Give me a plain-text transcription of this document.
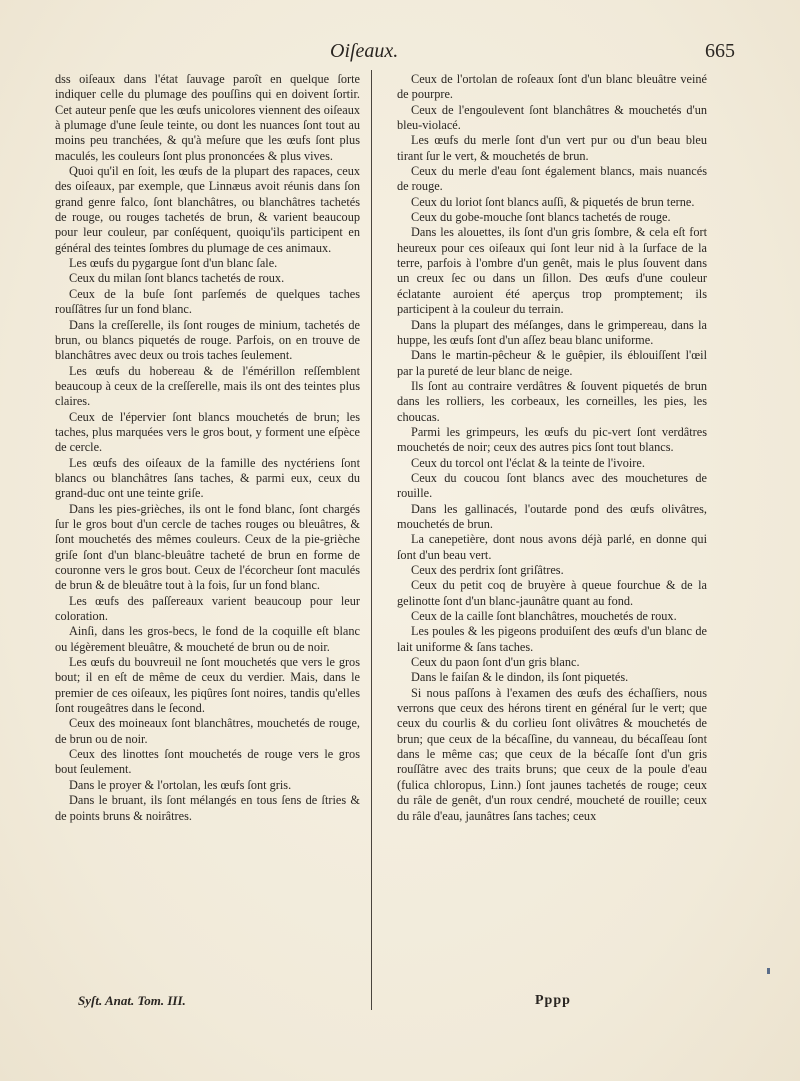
Oiſeaux.	665

dss oiſeaux dans l'état ſauvage paroît en quelque ſorte indiquer celle du plumage des pouſſins qui en doivent ſortir. Cet auteur penſe que les œufs unicolores viennent des oiſeaux à plumage d'une ſeule teinte, ou dont les nuances ſont tout au moins peu tranchées, & qu'à meſure que les œufs ſont plus maculés, les couleurs ſont plus prononcées & plus vives.

Quoi qu'il en ſoit, les œufs de la plupart des rapaces, ceux des oiſeaux, par exemple, que Linnæus avoit réunis dans ſon grand genre falco, ſont blanchâtres, ou blanchâtres tachetés de rouge, ou rouges tachetés de brun, & varient beaucoup pour leur couleur, par conſéquent, quoiqu'ils participent en général des teintes ſombres du plumage de ces animaux.

Les œufs du pygargue ſont d'un blanc ſale.

Ceux du milan ſont blancs tachetés de roux.

Ceux de la buſe ſont parſemés de quelques taches rouſſâtres ſur un fond blanc.

Dans la creſſerelle, ils ſont rouges de minium, tachetés de brun, ou blancs piquetés de rouge. Parfois, on en trouve de blanchâtres avec deux ou trois taches ſeulement.

Les œufs du hobereau & de l'émérillon reſſemblent beaucoup à ceux de la creſſerelle, mais ils ont des teintes plus claires.

Ceux de l'épervier ſont blancs mouchetés de brun; les taches, plus marquées vers le gros bout, y forment une eſpèce de cercle.

Les œufs des oiſeaux de la famille des nyctériens ſont blancs ou blanchâtres ſans taches, & parmi eux, ceux du grand-duc ont une teinte griſe.

Dans les pies-grièches, ils ont le fond blanc, ſont chargés ſur le gros bout d'un cercle de taches rouges ou bleuâtres, & ſont mouchetés des mêmes couleurs. Ceux de la pie-grièche griſe ſont d'un blanc-bleuâtre tacheté de brun en forme de couronne vers le gros bout. Ceux de l'écorcheur ſont maculés de brun & de bleuâtre tout à la fois, ſur un fond blanc.

Les œufs des paſſereaux varient beaucoup pour leur coloration.

Ainſi, dans les gros-becs, le fond de la coquille eſt blanc ou légèrement bleuâtre, & moucheté de brun ou de noir.

Les œufs du bouvreuil ne ſont mouchetés que vers le gros bout; il en eſt de même de ceux du verdier. Mais, dans le premier de ces oiſeaux, les piqûres ſont noires, tandis qu'elles ſont rougeâtres dans le ſecond.

Ceux des moineaux ſont blanchâtres, mouchetés de rouge, de brun ou de noir.

Ceux des linottes ſont mouchetés de rouge vers le gros bout ſeulement.

Dans le proyer & l'ortolan, les œufs ſont gris.

Dans le bruant, ils ſont mélangés en tous ſens de ſtries & de points bruns & noirâtres.

Ceux de l'ortolan de roſeaux ſont d'un blanc bleuâtre veiné de pourpre.

Ceux de l'engoulevent ſont blanchâtres & mouchetés d'un bleu-violacé.

Les œufs du merle ſont d'un vert pur ou d'un beau bleu tirant ſur le vert, & mouchetés de brun.

Ceux du merle d'eau ſont également blancs, mais nuancés de rouge.

Ceux du loriot ſont blancs auſſi, & piquetés de brun terne.

Ceux du gobe-mouche ſont blancs tachetés de rouge.

Dans les alouettes, ils ſont d'un gris ſombre, & cela eſt fort heureux pour ces oiſeaux qui ſont leur nid à la ſurface de la terre, parfois à l'ombre d'un genêt, mais le plus ſouvent dans un creux ſec ou dans un ſillon. Des œufs d'une couleur éclatante auroient été aperçus trop promptement; ils participent à la couleur du terrain.

Dans la plupart des méſanges, dans le grimpereau, dans la huppe, les œufs ſont d'un aſſez beau blanc uniforme.

Dans le martin-pêcheur & le guêpier, ils éblouiſſent l'œil par la pureté de leur blanc de neige.

Ils ſont au contraire verdâtres & ſouvent piquetés de brun dans les rolliers, les corbeaux, les corneilles, les pies, les choucas.

Parmi les grimpeurs, les œufs du pic-vert ſont verdâtres mouchetés de noir; ceux des autres pics ſont tout blancs.

Ceux du torcol ont l'éclat & la teinte de l'ivoire.

Ceux du coucou ſont blancs avec des mouchetures de rouille.

Dans les gallinacés, l'outarde pond des œufs olivâtres, mouchetés de brun.

La canepetière, dont nous avons déjà parlé, en donne qui ſont d'un beau vert.

Ceux des perdrix ſont griſâtres.

Ceux du petit coq de bruyère à queue fourchue & de la gelinotte ſont d'un blanc-jaunâtre quant au fond.

Ceux de la caille ſont blanchâtres, mouchetés de roux.

Les poules & les pigeons produiſent des œufs d'un blanc de lait uniforme & ſans taches.

Ceux du paon ſont d'un gris blanc.

Dans le faiſan & le dindon, ils ſont piquetés.

Si nous paſſons à l'examen des œufs des échaſſiers, nous verrons que ceux des hérons tirent en général ſur le vert; que ceux du courlis & du corlieu ſont olivâtres & mouchetés de brun; que ceux de la bécaſſine, du vanneau, du bécaſſeau ſont dans le même cas; que ceux de la bécaſſe ſont d'un gris rouſſâtre avec des traits bruns; que ceux de la poule d'eau (fulica chloropus, Linn.) ſont jaunes tachetés de rouge; ceux du râle de genêt, d'un roux cendré, moucheté de rouille; ceux du râle d'eau, jaunâtres ſans taches; ceux

Syſt. Anat. Tom. III.	Pppp
